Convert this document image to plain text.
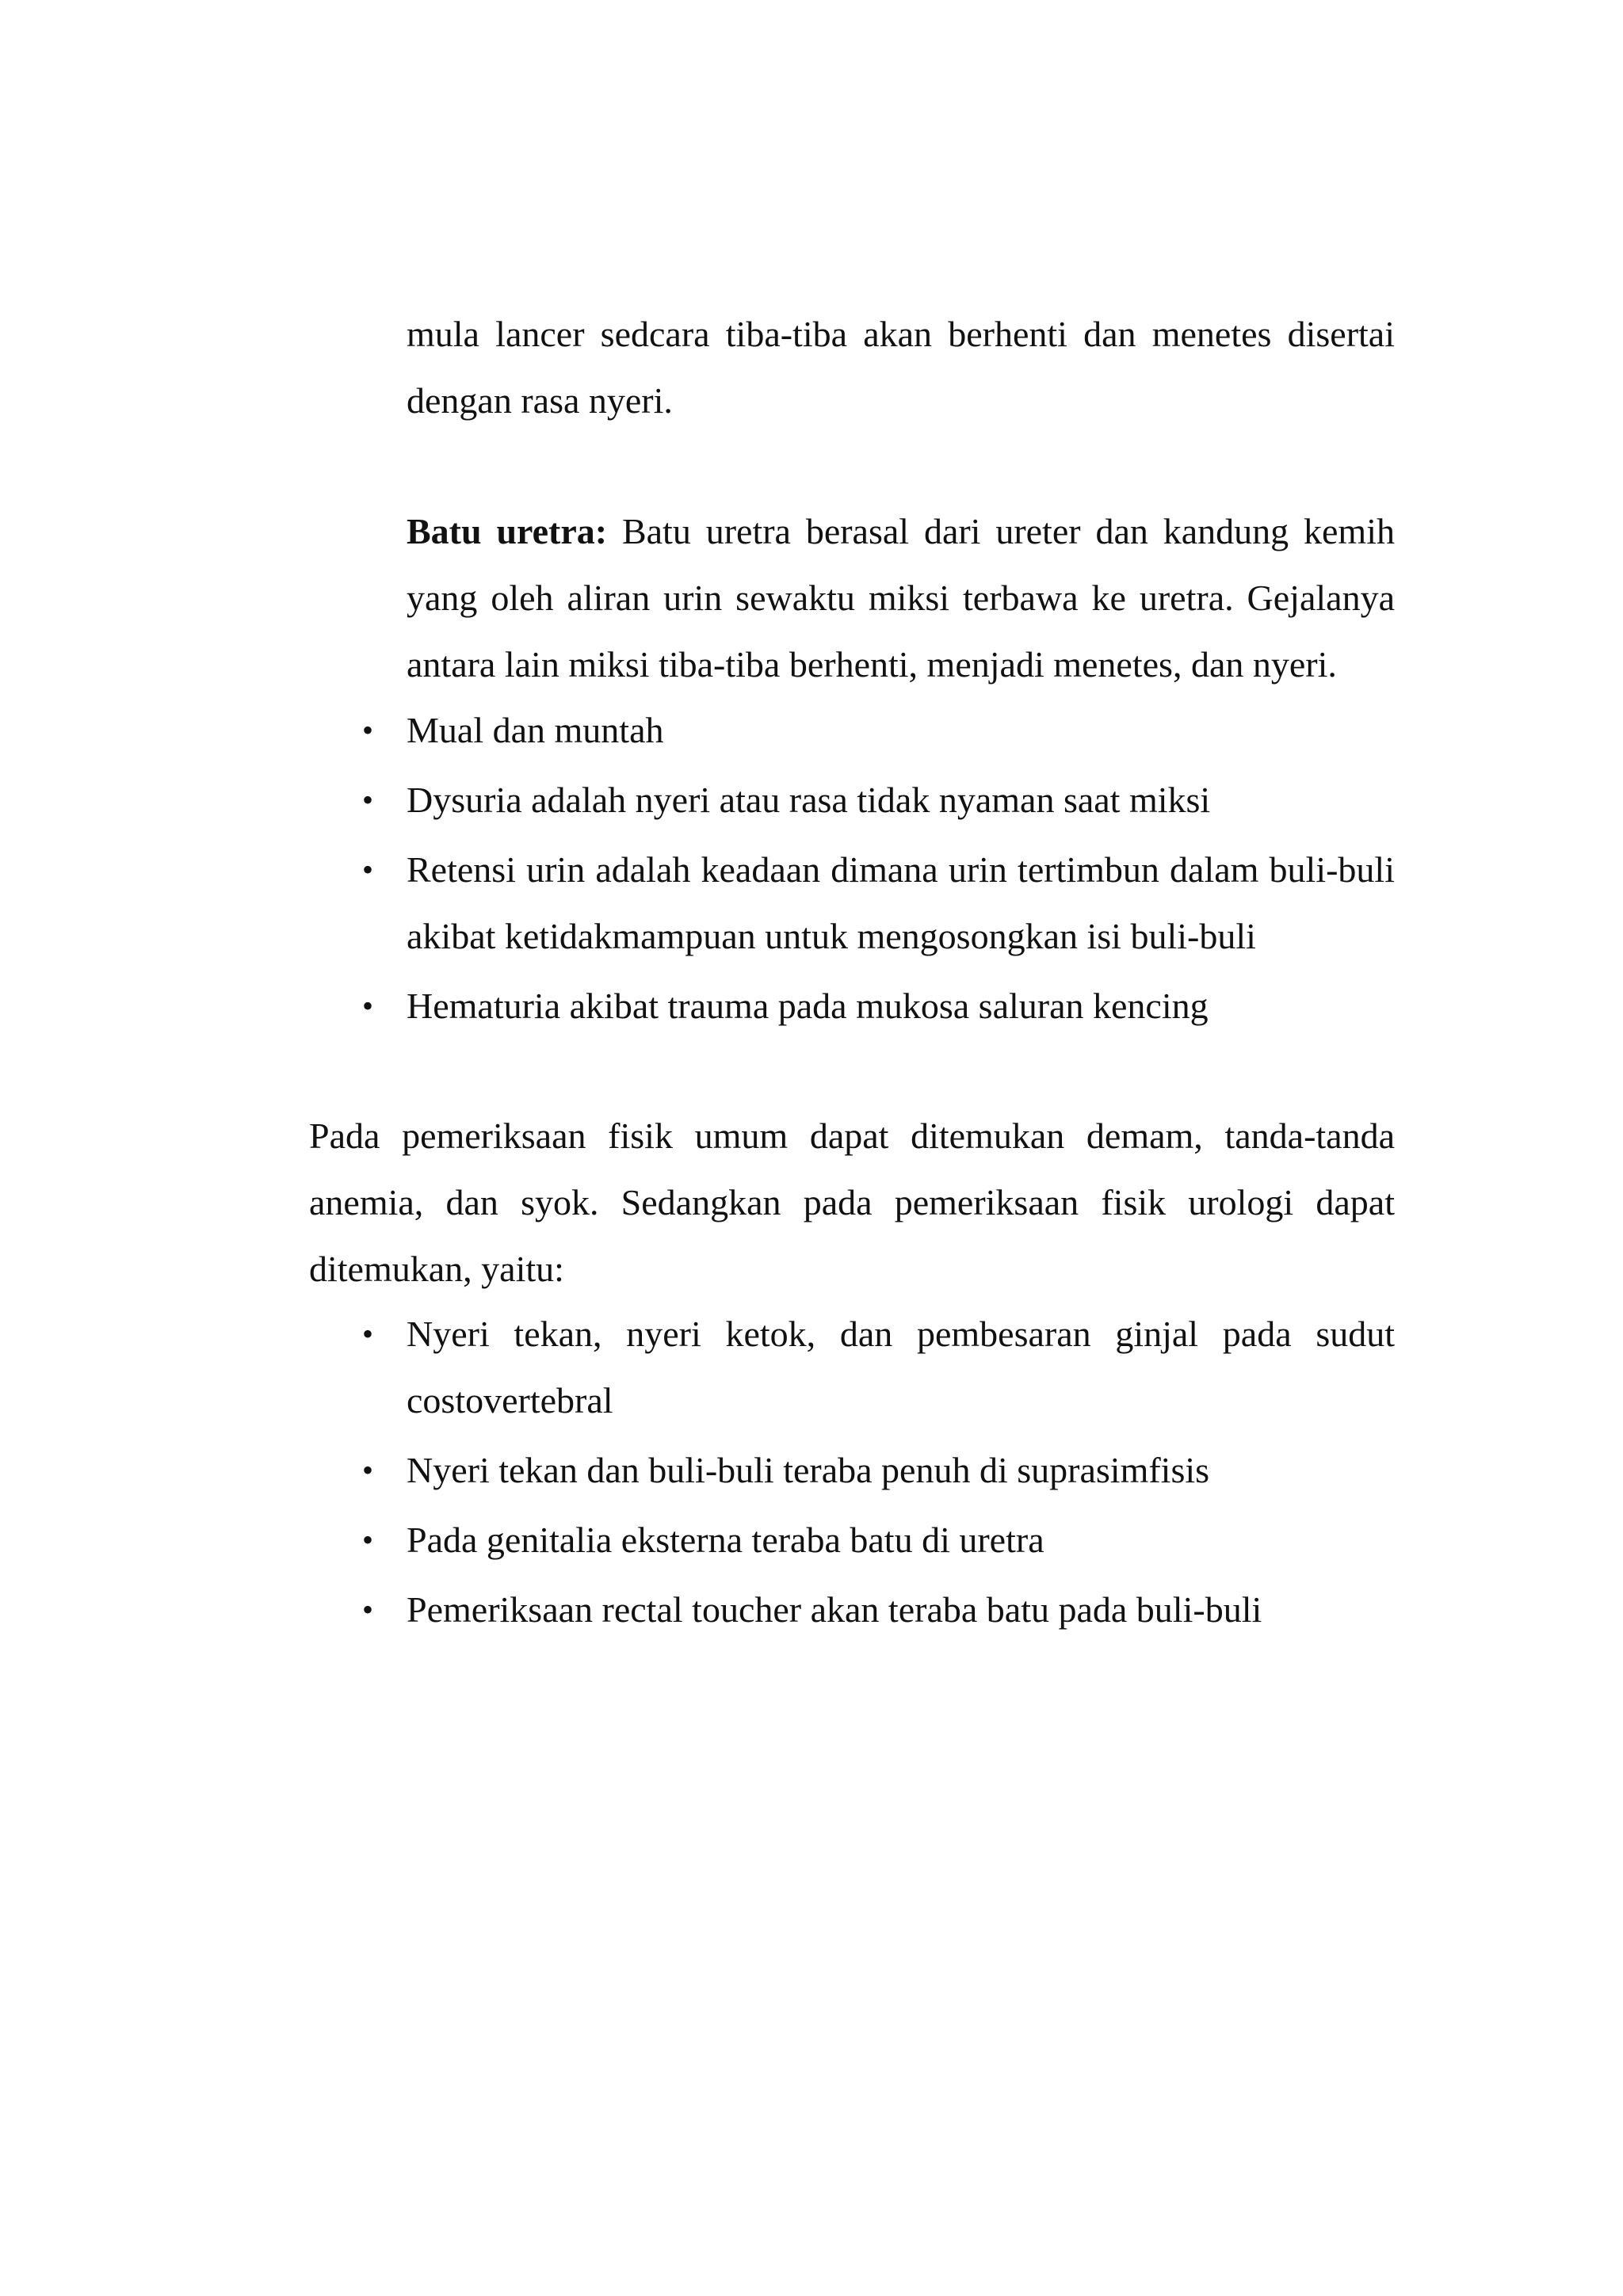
mula lancer sedcara tiba-tiba akan berhenti dan menetes disertai dengan rasa nyeri.

Batu uretra: Batu uretra berasal dari ureter dan kandung kemih yang oleh aliran urin sewaktu miksi terbawa ke uretra. Gejalanya antara lain miksi tiba-tiba berhenti, menjadi menetes, dan nyeri.

• Mual dan muntah
• Dysuria adalah nyeri atau rasa tidak nyaman saat miksi
• Retensi urin adalah keadaan dimana urin tertimbun dalam buli-buli akibat ketidakmampuan untuk mengosongkan isi buli-buli
• Hematuria akibat trauma pada mukosa saluran kencing

Pada pemeriksaan fisik umum dapat ditemukan demam, tanda-tanda anemia, dan syok. Sedangkan pada pemeriksaan fisik urologi dapat ditemukan, yaitu:

• Nyeri tekan, nyeri ketok, dan pembesaran ginjal pada sudut costovertebral
• Nyeri tekan dan buli-buli teraba penuh di suprasimfisis
• Pada genitalia eksterna teraba batu di uretra
• Pemeriksaan rectal toucher akan teraba batu pada buli-buli
